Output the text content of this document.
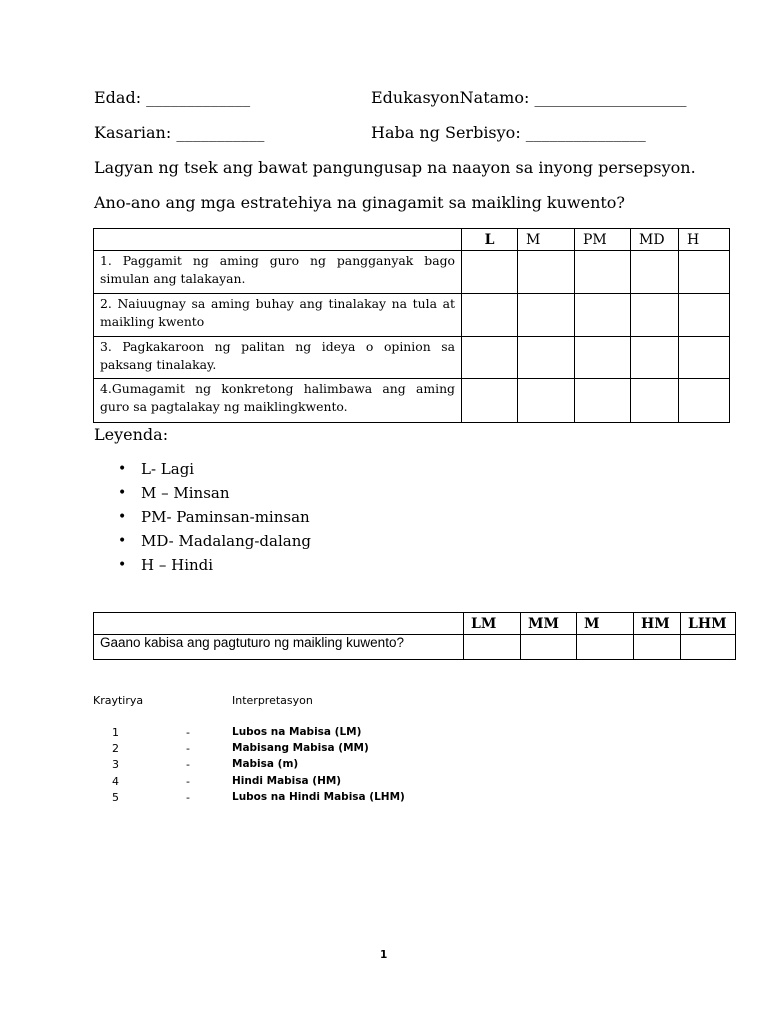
Edad: _____________	EdukasyonNatamo: ___________________
Kasarian: ___________	Haba ng Serbisyo: _______________
Lagyan ng tsek ang bawat pangungusap na naayon sa inyong persepsyon.
Ano-ano ang mga estratehiya na ginagamit sa maikling kuwento?
	L	M	PM	MD	H
1. Paggamit ng aming guro ng pangganyak bago simulan ang talakayan.					
2. Naiuugnay sa aming buhay ang tinalakay na tula at maikling kwento					
3. Pagkakaroon ng palitan ng ideya o opinion sa paksang tinalakay.					
4.Gumagamit ng konkretong halimbawa ang aming guro sa pagtalakay ng maiklingkwento.					
Leyenda:
• L- Lagi
• M – Minsan
• PM- Paminsan-minsan
• MD- Madalang-dalang
• H – Hindi
	LM	MM	M	HM	LHM
Gaano kabisa ang pagtuturo ng maikling kuwento?					
Kraytirya	Interpretasyon
1	-	Lubos na Mabisa (LM)
2	-	Mabisang Mabisa (MM)
3	-	Mabisa (m)
4	-	Hindi Mabisa (HM)
5	-	Lubos na Hindi Mabisa (LHM)
1
